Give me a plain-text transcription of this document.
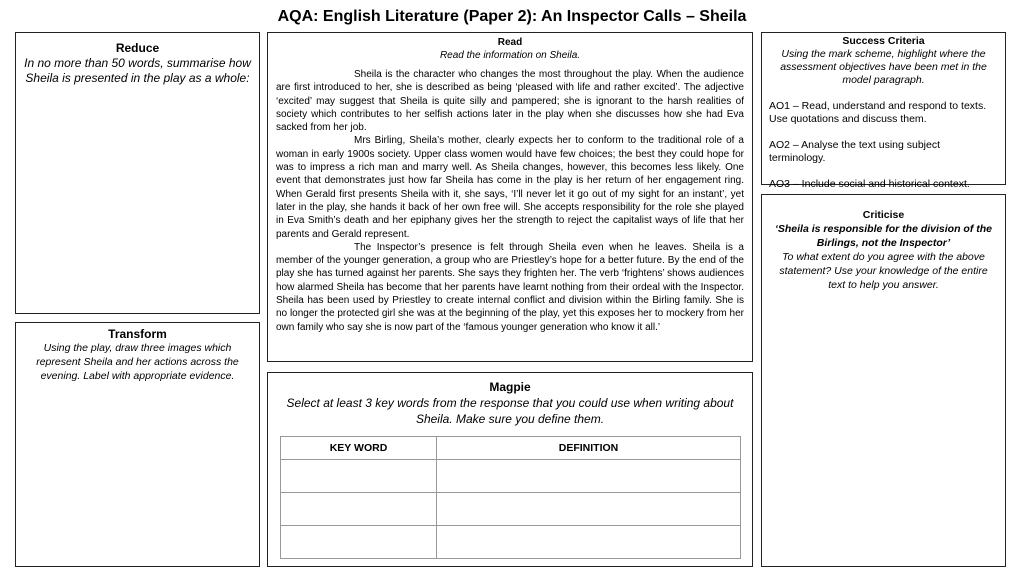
AQA: English Literature (Paper 2): An Inspector Calls – Sheila
Reduce
In no more than 50 words, summarise how Sheila is presented in the play as a whole:
Transform
Using the play, draw three images which represent Sheila and her actions across the evening. Label with appropriate evidence.
Read
Read the information on Sheila.

Sheila is the character who changes the most throughout the play. When the audience are first introduced to her, she is described as being ‘pleased with life and rather excited’. The adjective ‘excited’ may suggest that Sheila is quite silly and pampered; she is ignorant to the harsh realities of society which contributes to her selfish actions later in the play when she discusses how she had Eva sacked from her job.

Mrs Birling, Sheila’s mother, clearly expects her to conform to the traditional role of a woman in early 1900s society. Upper class women would have few choices; the best they could hope for was to impress a rich man and marry well. As Sheila changes, however, this becomes less likely. One event that demonstrates just how far Sheila has come in the play is her return of her engagement ring. When Gerald first presents Sheila with it, she says, ‘I’ll never let it go out of my sight for an instant’, yet later in the play, she hands it back of her own free will. She accepts responsibility for the role she played in Eva Smith’s death and her epiphany gives her the strength to reject the capitalist ways of life that her parents and Gerald represent.

The Inspector’s presence is felt through Sheila even when he leaves. Sheila is a member of the younger generation, a group who are Priestley’s hope for a better future. By the end of the play she has turned against her parents. She says they frighten her. The verb ‘frightens’ shows audiences how alarmed Sheila has become that her parents have learnt nothing from their ordeal with the Inspector. Sheila has been used by Priestley to create internal conflict and division within the Birling family. She is no longer the protected girl she was at the beginning of the play, yet this exposes her to mockery from her own family who say she is now part of the ‘famous younger generation who know it all.’

Magpie
Select at least 3 key words from the response that you could use when writing about Sheila. Make sure you define them.
KEY WORD	DEFINITION

Success Criteria
Using the mark scheme, highlight where the assessment objectives have been met in the model paragraph.

AO1 – Read, understand and respond to texts. Use quotations and discuss them.

AO2 – Analyse the text using subject terminology.

AO3 – Include social and historical context.

Criticise
‘Sheila is responsible for the division of the Birlings, not the Inspector’
To what extent do you agree with the above statement? Use your knowledge of the entire text to help you answer.
